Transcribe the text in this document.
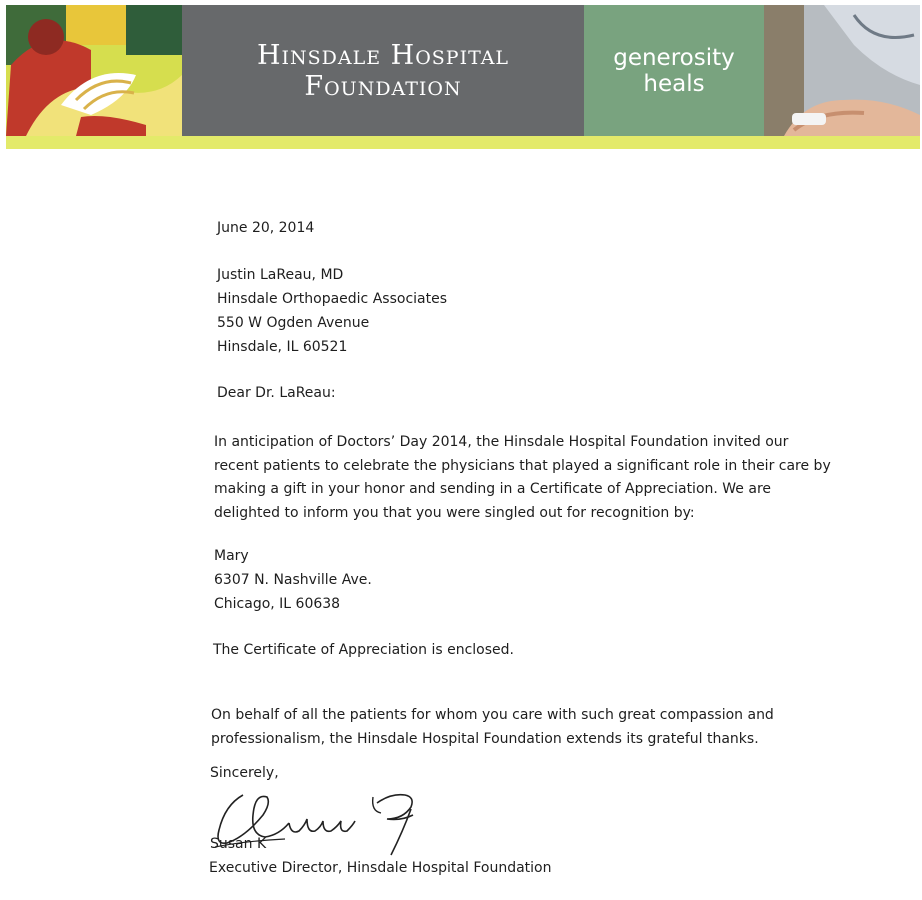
Hinsdale Hospital
Foundation
generosity
heals
June 20, 2014
Justin LaReau, MD
Hinsdale Orthopaedic Associates
550 W Ogden Avenue
Hinsdale, IL 60521
Dear Dr. LaReau:
In anticipation of Doctors’ Day 2014, the Hinsdale Hospital Foundation invited our
recent patients to celebrate the physicians that played a significant role in their care by
making a gift in your honor and sending in a Certificate of Appreciation. We are
delighted to inform you that you were singled out for recognition by:
Mary
6307 N. Nashville Ave.
Chicago, IL 60638
The Certificate of Appreciation is enclosed.
On behalf of all the patients for whom you care with such great compassion and
professionalism, the Hinsdale Hospital Foundation extends its grateful thanks.
Sincerely,
Susan K
Executive Director, Hinsdale Hospital Foundation
